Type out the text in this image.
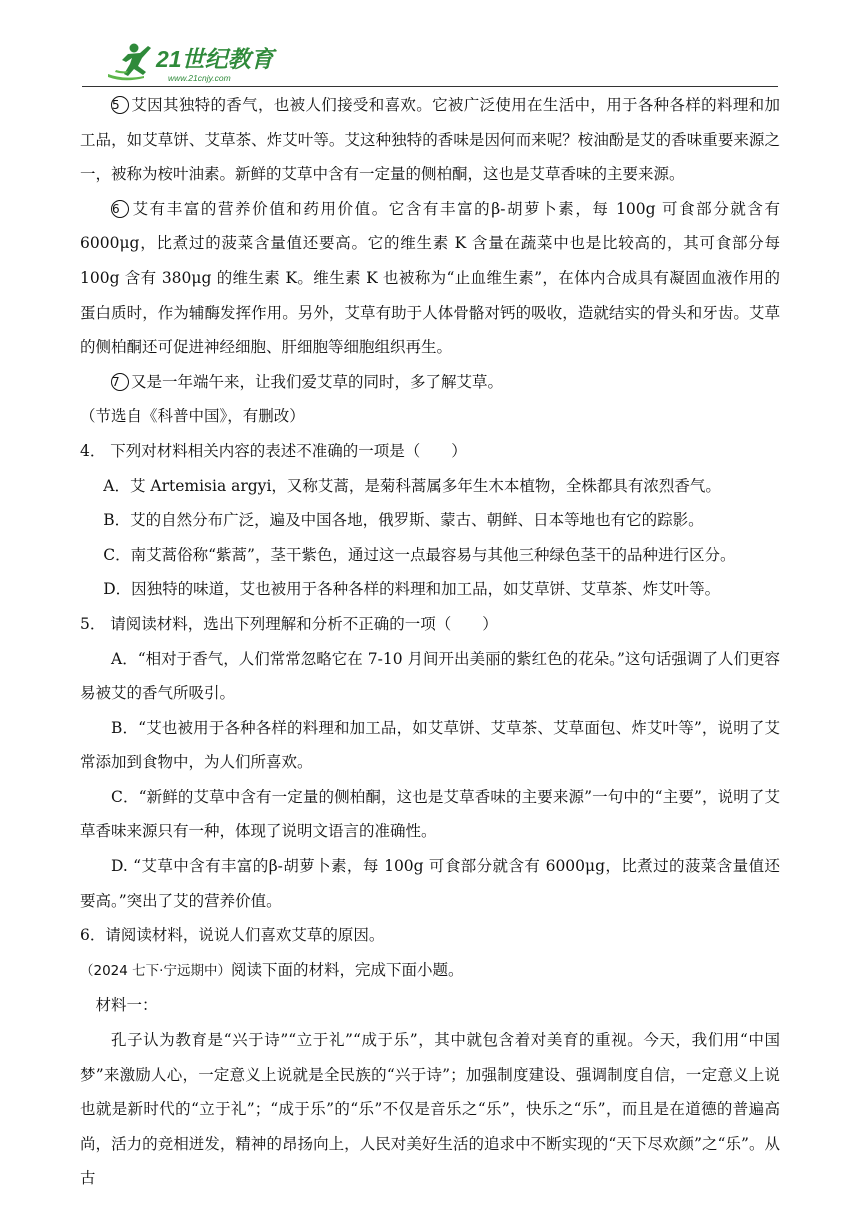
21世纪教育
www.21cnjy.com

5 艾因其独特的香气，也被人们接受和喜欢。它被广泛使用在生活中，用于各种各样的料理和加工品，如艾草饼、艾草茶、炸艾叶等。艾这种独特的香味是因何而来呢？桉油酚是艾的香味重要来源之一，被称为桉叶油素。新鲜的艾草中含有一定量的侧柏酮，这也是艾草香味的主要来源。

6 艾有丰富的营养价值和药用价值。它含有丰富的β-胡萝卜素，每 100g 可食部分就含有 6000μg，比煮过的菠菜含量值还要高。它的维生素 K 含量在蔬菜中也是比较高的，其可食部分每 100g 含有 380μg 的维生素 K。维生素 K 也被称为“止血维生素”，在体内合成具有凝固血液作用的蛋白质时，作为辅酶发挥作用。另外，艾草有助于人体骨骼对钙的吸收，造就结实的骨头和牙齿。艾草的侧柏酮还可促进神经细胞、肝细胞等细胞组织再生。

7 又是一年端午来，让我们爱艾草的同时，多了解艾草。

（节选自《科普中国》，有删改）

4． 下列对材料相关内容的表述不准确的一项是（　　）

A．艾 Artemisia argyi，又称艾蒿，是菊科蒿属多年生木本植物，全株都具有浓烈香气。

B．艾的自然分布广泛，遍及中国各地，俄罗斯、蒙古、朝鲜、日本等地也有它的踪影。

C．南艾蒿俗称“紫蒿”，茎干紫色，通过这一点最容易与其他三种绿色茎干的品种进行区分。

D．因独特的味道，艾也被用于各种各样的料理和加工品，如艾草饼、艾草茶、炸艾叶等。

5． 请阅读材料，选出下列理解和分析不正确的一项（　　）

A．“相对于香气，人们常常忽略它在 7-10 月间开出美丽的紫红色的花朵。”这句话强调了人们更容易被艾的香气所吸引。

B．“艾也被用于各种各样的料理和加工品，如艾草饼、艾草茶、艾草面包、炸艾叶等”，说明了艾常添加到食物中，为人们所喜欢。

C．“新鲜的艾草中含有一定量的侧柏酮，这也是艾草香味的主要来源”一句中的“主要”，说明了艾草香味来源只有一种，体现了说明文语言的准确性。

D. “艾草中含有丰富的β-胡萝卜素，每 100g 可食部分就含有 6000μg，比煮过的菠菜含量值还要高。”突出了艾的营养价值。

6．请阅读材料，说说人们喜欢艾草的原因。

（2024 七下·宁远期中）阅读下面的材料，完成下面小题。

材料一：

孔子认为教育是“兴于诗”“立于礼”“成于乐”，其中就包含着对美育的重视。今天，我们用“中国梦”来激励人心，一定意义上说就是全民族的“兴于诗”；加强制度建设、强调制度自信，一定意义上说也就是新时代的“立于礼”；“成于乐”的“乐”不仅是音乐之“乐”，快乐之“乐”，而且是在道德的普遍高尚，活力的竞相迸发，精神的昂扬向上，人民对美好生活的追求中不断实现的“天下尽欢颜”之“乐”。从古
